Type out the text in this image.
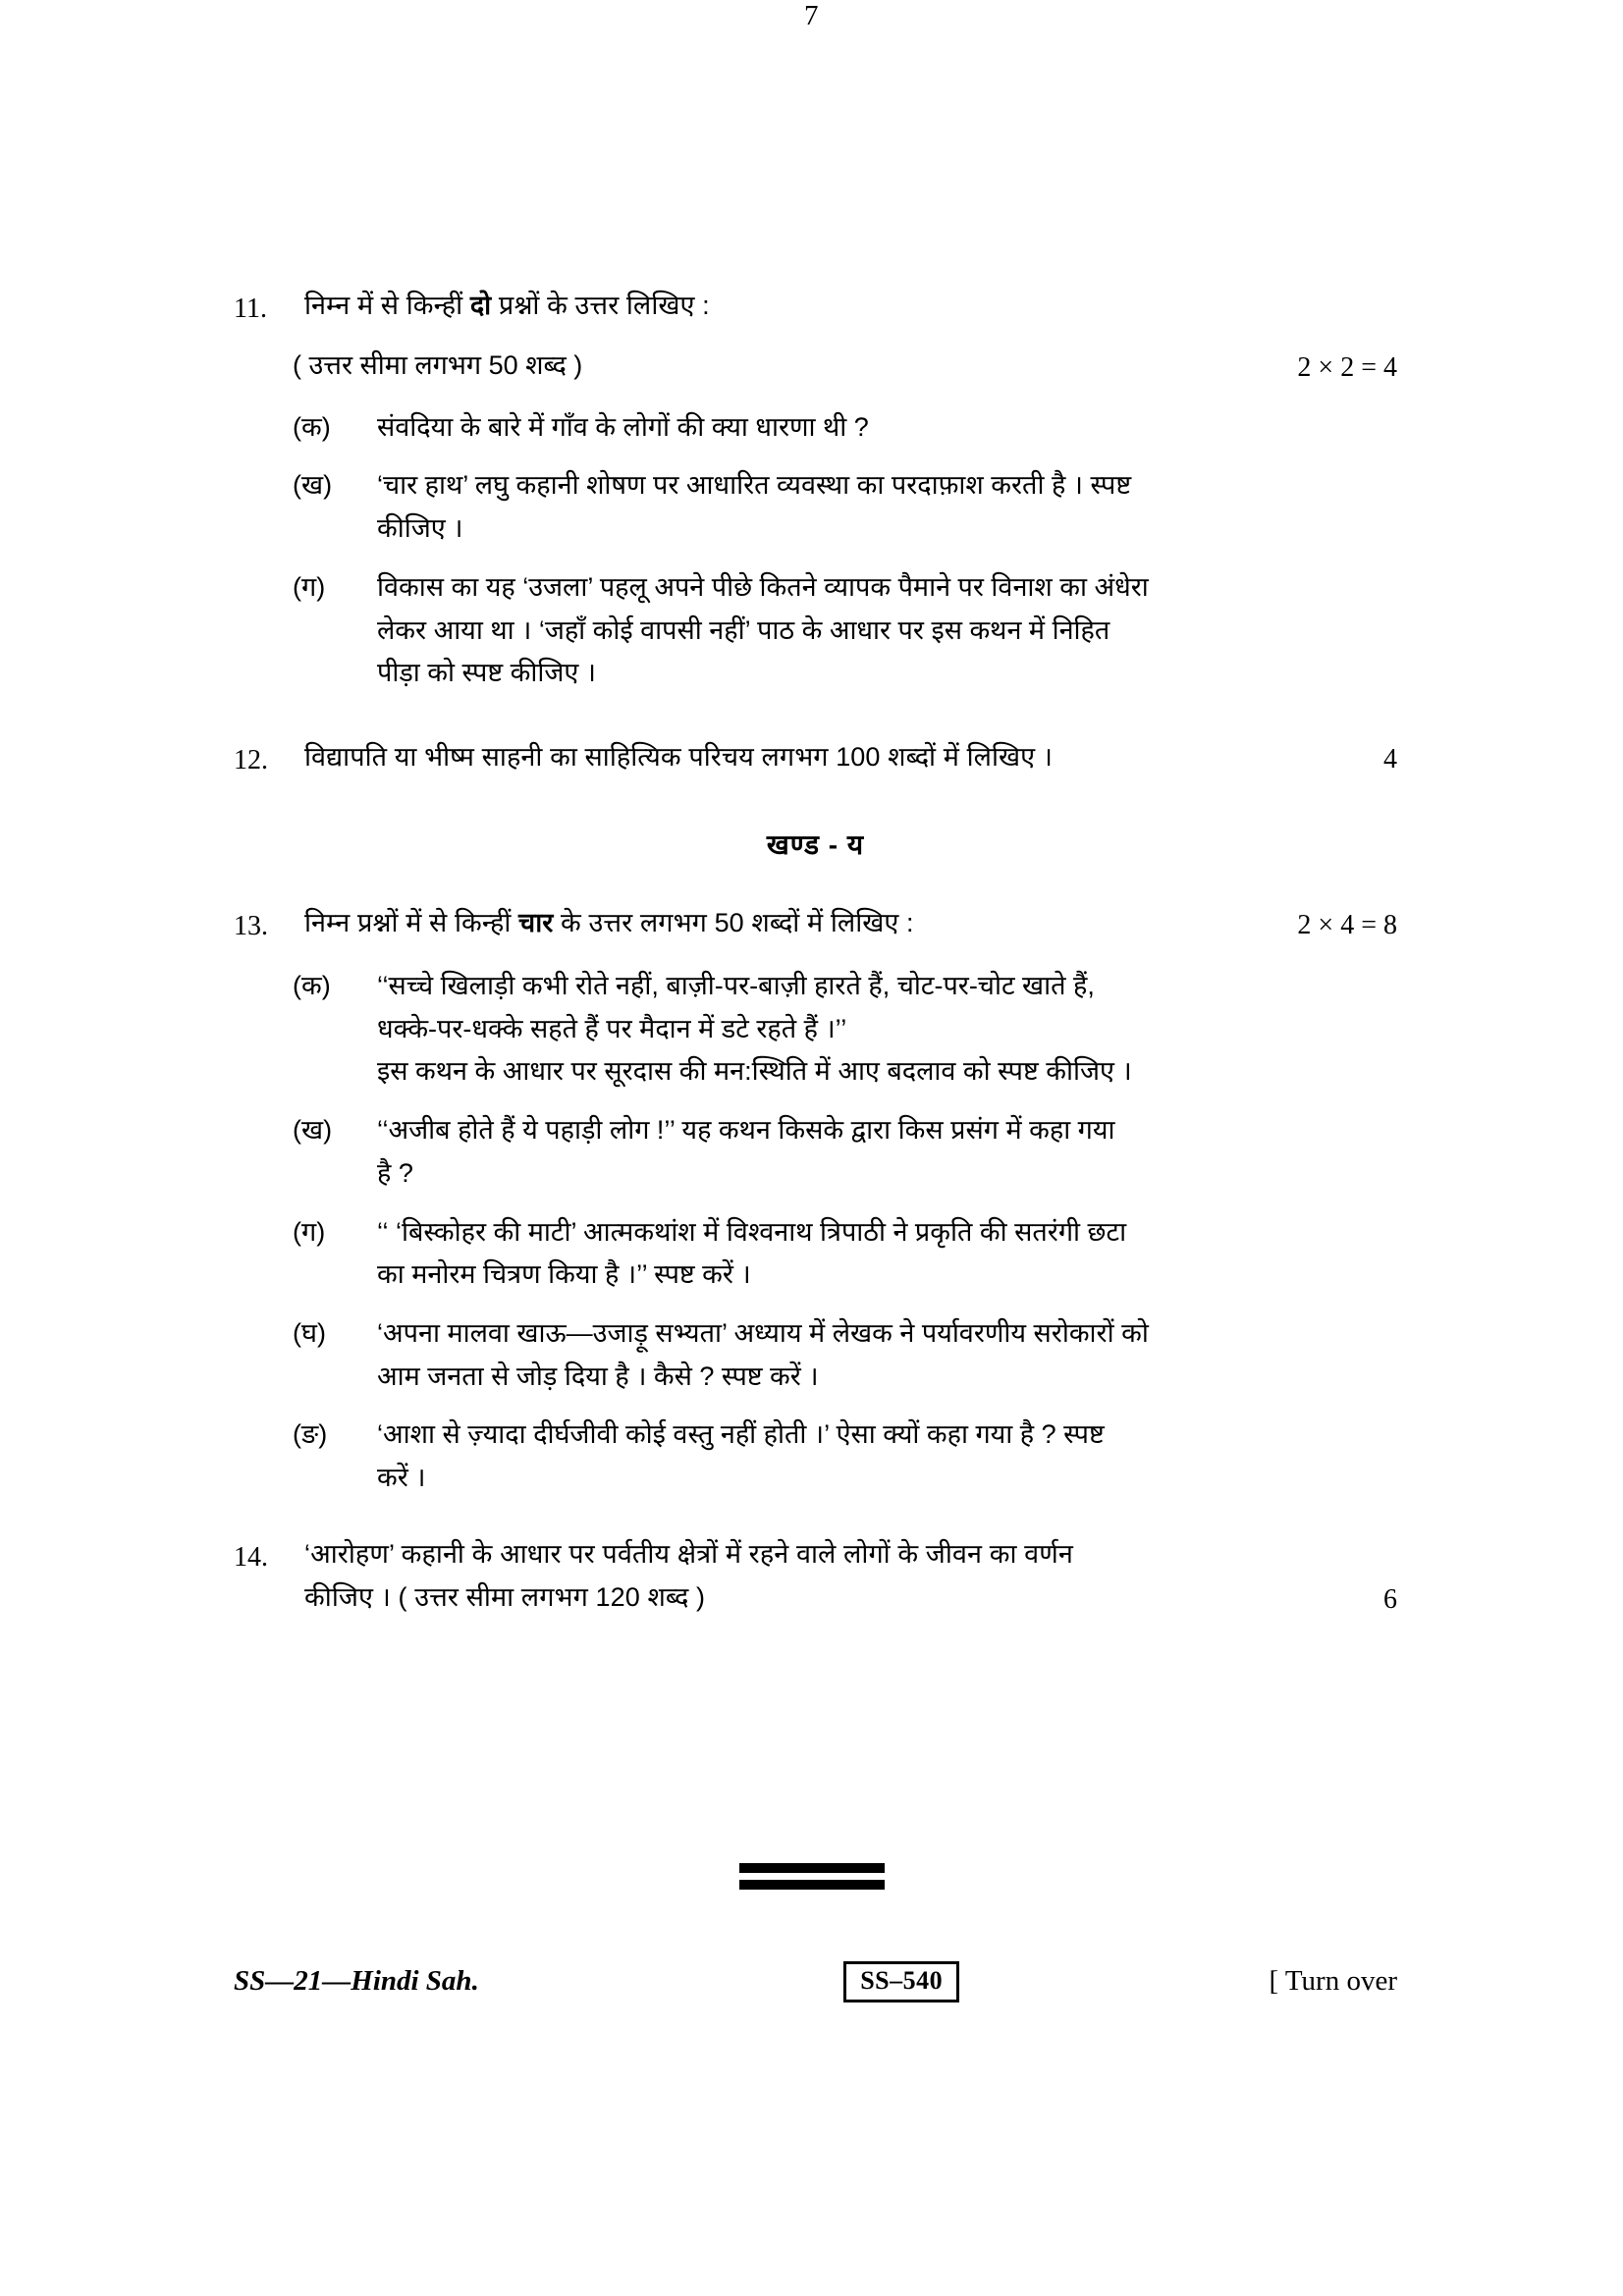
7
11.	निम्न में से किन्हीं दो प्रश्नों के उत्तर लिखिए :
( उत्तर सीमा लगभग 50 शब्द )	2 × 2 = 4
(क)	संवदिया के बारे में गाँव के लोगों की क्या धारणा थी ?
(ख)	‘चार हाथ’ लघु कहानी शोषण पर आधारित व्यवस्था का परदाफ़ाश करती है । स्पष्ट
कीजिए ।
(ग)	विकास का यह ‘उजला’ पहलू अपने पीछे कितने व्यापक पैमाने पर विनाश का अंधेरा
लेकर आया था । ‘जहाँ कोई वापसी नहीं’ पाठ के आधार पर इस कथन में निहित
पीड़ा को स्पष्ट कीजिए ।
12.	विद्यापति या भीष्म साहनी का साहित्यिक परिचय लगभग 100 शब्दों में लिखिए ।	4
खण्ड - य
13.	निम्न प्रश्नों में से किन्हीं चार के उत्तर लगभग 50 शब्दों में लिखिए :	2 × 4 = 8
(क)	‘‘सच्चे खिलाड़ी कभी रोते नहीं, बाज़ी-पर-बाज़ी हारते हैं, चोट-पर-चोट खाते हैं,
धक्के-पर-धक्के सहते हैं पर मैदान में डटे रहते हैं ।’’
इस कथन के आधार पर सूरदास की मन:स्थिति में आए बदलाव को स्पष्ट कीजिए ।
(ख)	‘‘अजीब होते हैं ये पहाड़ी लोग !’’ यह कथन किसके द्वारा किस प्रसंग में कहा गया
है ?
(ग)	‘‘ ‘बिस्कोहर की माटी’ आत्मकथांश में विश्वनाथ त्रिपाठी ने प्रकृति की सतरंगी छटा
का मनोरम चित्रण किया है ।’’ स्पष्ट करें ।
(घ)	‘अपना मालवा खाऊ—उजाड़ू सभ्यता’ अध्याय में लेखक ने पर्यावरणीय सरोकारों को
आम जनता से जोड़ दिया है । कैसे ? स्पष्ट करें ।
(ङ)	‘आशा से ज़्यादा दीर्घजीवी कोई वस्तु नहीं होती ।’ ऐसा क्यों कहा गया है ? स्पष्ट
करें ।
14.	‘आरोहण’ कहानी के आधार पर पर्वतीय क्षेत्रों में रहने वाले लोगों के जीवन का वर्णन
कीजिए । ( उत्तर सीमा लगभग 120 शब्द )	6
SS—21—Hindi Sah.	SS–540	[ Turn over
